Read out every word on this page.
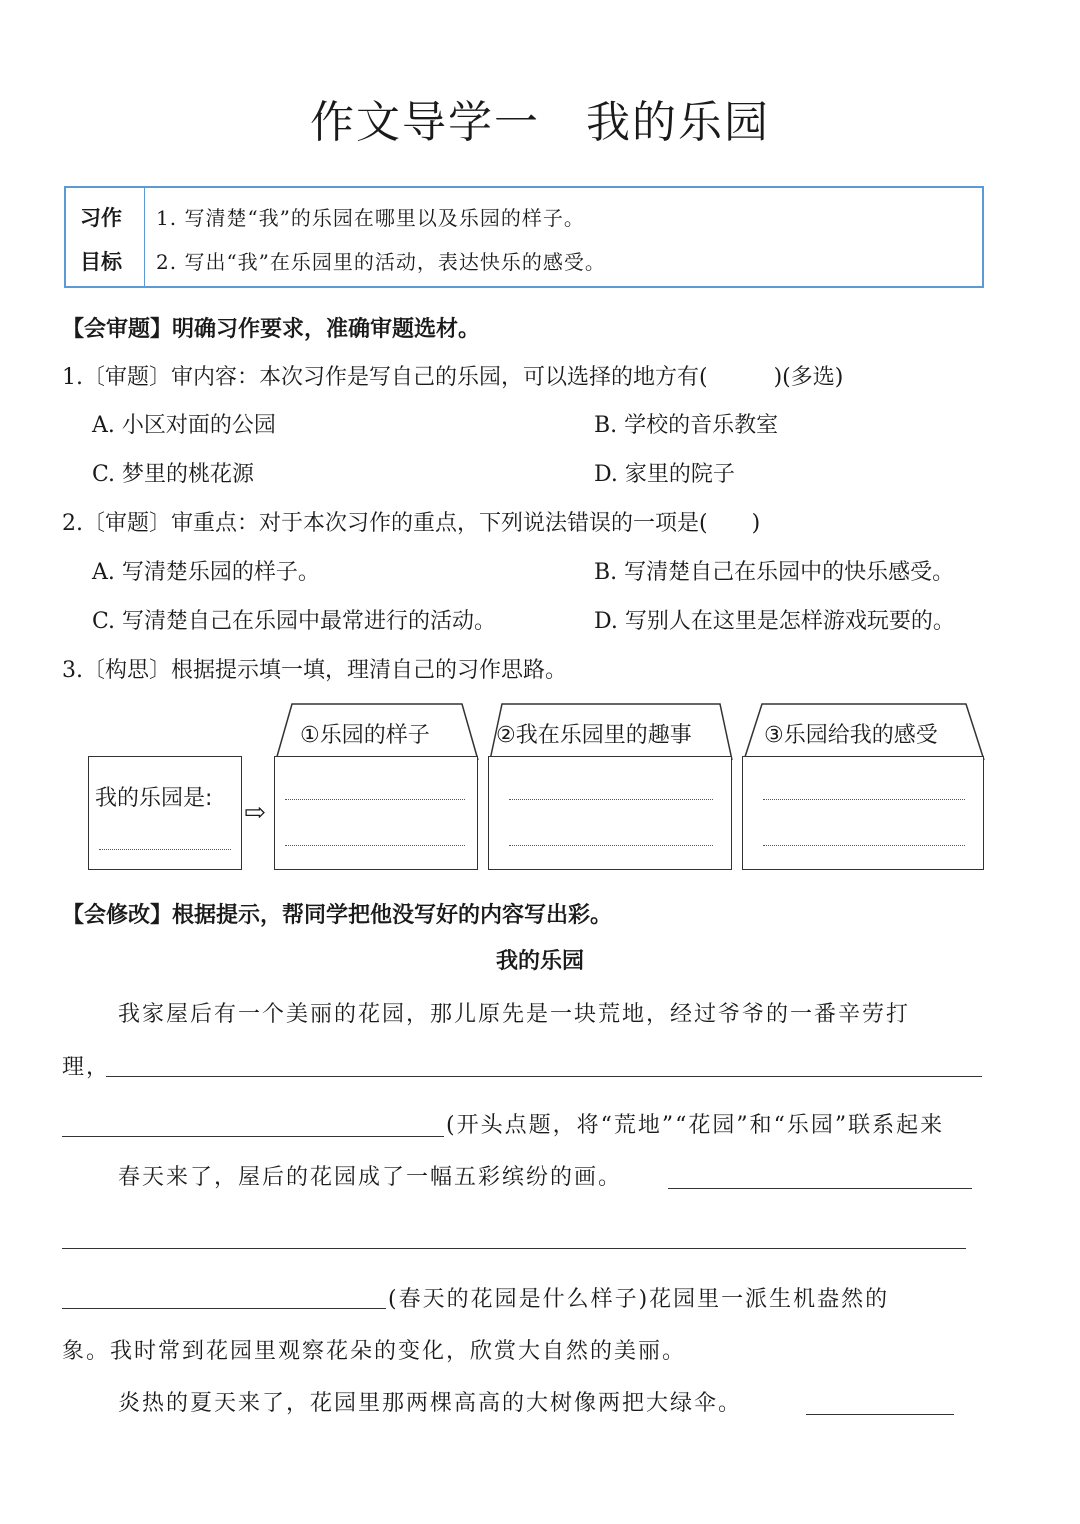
作文导学一　我的乐园
习作
目标
1. 写清楚“我”的乐园在哪里以及乐园的样子。
2. 写出“我”在乐园里的活动，表达快乐的感受。
【会审题】明确习作要求，准确审题选材。
1.〔审题〕审内容：本次习作是写自己的乐园，可以选择的地方有(　　　)(多选)
A. 小区对面的公园	B. 学校的音乐教室
C. 梦里的桃花源	D. 家里的院子
2.〔审题〕审重点：对于本次习作的重点，下列说法错误的一项是(　　)
A. 写清楚乐园的样子。	B. 写清楚自己在乐园中的快乐感受。
C. 写清楚自己在乐园中最常进行的活动。	D. 写别人在这里是怎样游戏玩要的。
3.〔构思〕根据提示填一填，理清自己的习作思路。
我的乐园是: ⇨
①乐园的样子	②我在乐园里的趣事	③乐园给我的感受
【会修改】根据提示，帮同学把他没写好的内容写出彩。
我的乐园
我家屋后有一个美丽的花园，那儿原先是一块荒地，经过爷爷的一番辛劳打
理，
(开头点题，将“荒地”“花园”和“乐园”联系起来
春天来了，屋后的花园成了一幅五彩缤纷的画。
(春天的花园是什么样子)花园里一派生机盎然的
象。我时常到花园里观察花朵的变化，欣赏大自然的美丽。
炎热的夏天来了，花园里那两棵高高的大树像两把大绿伞。
